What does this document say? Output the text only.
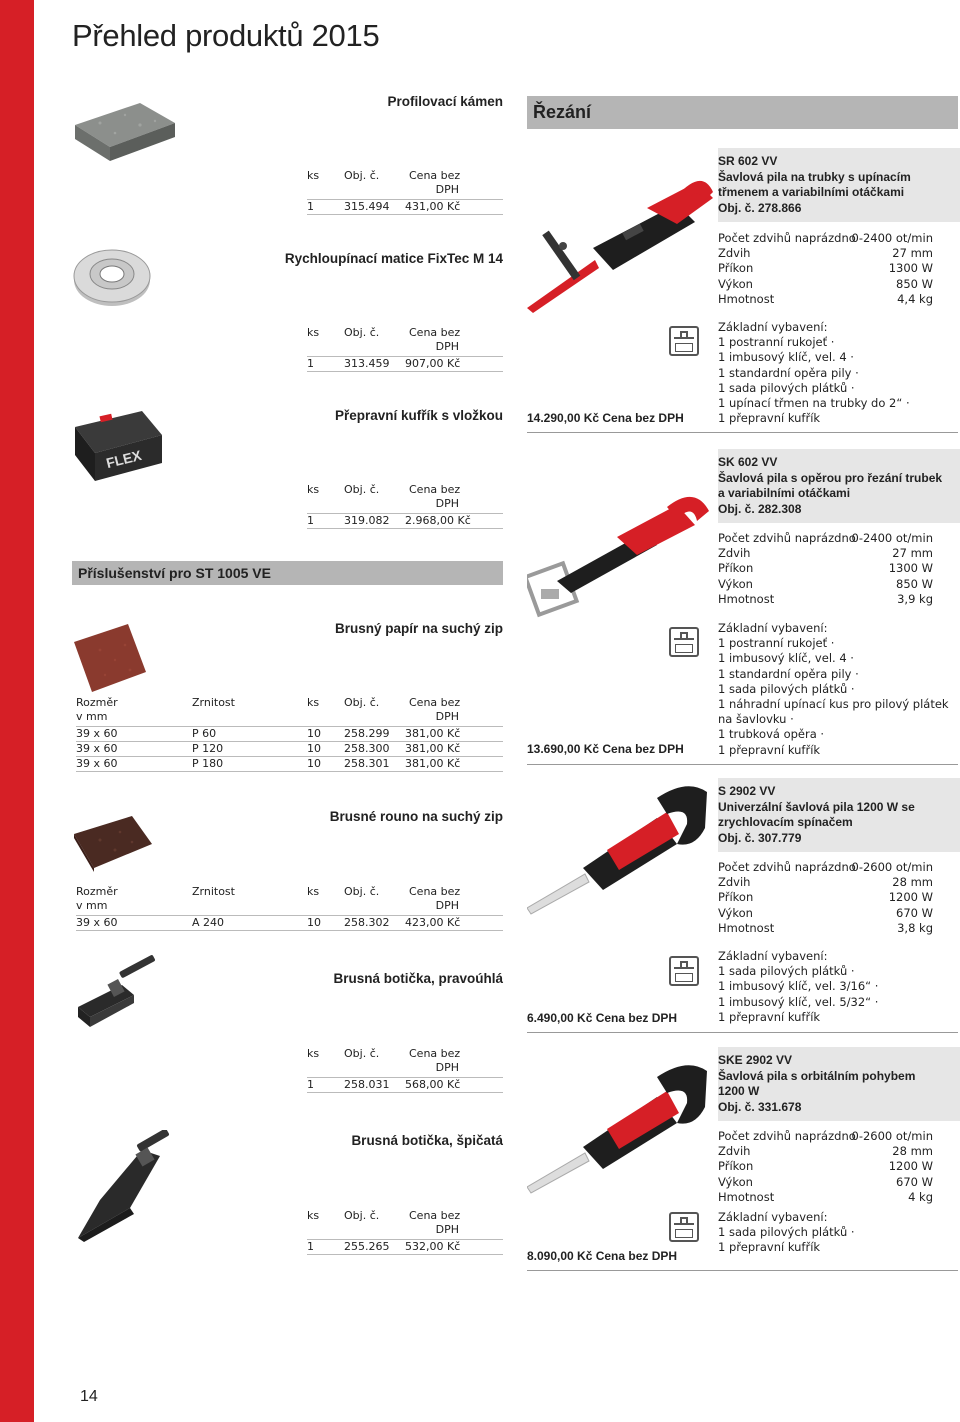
Přehled produktů 2015
14
Příslušenství pro ST 1005 VE
Řezání
Profilovací kámen
ks Obj. č.	Cena bez
DPH
1	315.494 431,00 Kč
Rychloupínací matice FixTec M 14
ks Obj. č.	Cena bez
DPH
1	313.459 907,00 Kč
FLEX
Přepravní kufřík s vložkou
ks Obj. č.	Cena bez
DPH
1	319.082 2.968,00 Kč
Brusný papír na suchý zip
Rozměr
v mm
Zrnitost	ks Obj. č.	Cena bez
DPH
39 x 60	P 60	10 258.299 381,00 Kč
39 x 60	P 120	10 258.300 381,00 Kč
39 x 60	P 180	10 258.301 381,00 Kč
Brusné rouno na suchý zip
Rozměr
v mm
Zrnitost	ks Obj. č.	Cena bez
DPH
39 x 60	A 240	10 258.302 423,00 Kč
Brusná botička, pravoúhlá
ks Obj. č.	Cena bez
DPH
1	258.031 568,00 Kč
Brusná botička, špičatá
ks Obj. č.	Cena bez
DPH
1	255.265 532,00 Kč
SR 602 VV
Šavlová pila na trubky s upínacím
třmenem a variabilními otáčkami
Obj. č. 278.866
Počet zdvihů naprázdno
0-2400 ot/min
Zdvih	27 mm
Příkon	1300 W
Výkon	850 W
Hmotnost	4,4 kg
Základní vybavení:
1 postranní rukojeť ·
1 imbusový klíč, vel. 4 ·
1 standardní opěra pily ·
1 sada pilových plátků ·
1 upínací třmen na trubky do 2“ ·
1 přepravní kufřík
14.290,00 Kč Cena bez DPH
SK 602 VV
Šavlová pila s opěrou pro řezání trubek
a variabilními otáčkami
Obj. č. 282.308
Počet zdvihů naprázdno
0-2400 ot/min
Zdvih	27 mm
Příkon	1300 W
Výkon	850 W
Hmotnost	3,9 kg
Základní vybavení:
1 postranní rukojeť ·
1 imbusový klíč, vel. 4 ·
1 standardní opěra pily ·
1 sada pilových plátků ·
1 náhradní upínací kus pro pilový plátek
na šavlovku ·
1 trubková opěra ·
1 přepravní kufřík
13.690,00 Kč Cena bez DPH
S 2902 VV
Univerzální šavlová pila 1200 W se
zrychlovacím spínačem
Obj. č. 307.779
Počet zdvihů naprázdno
0-2600 ot/min
Zdvih	28 mm
Příkon	1200 W
Výkon	670 W
Hmotnost	3,8 kg
Základní vybavení:
1 sada pilových plátků ·
1 imbusový klíč, vel. 3/16“ ·
1 imbusový klíč, vel. 5/32“ ·
1 přepravní kufřík
6.490,00 Kč Cena bez DPH
SKE 2902 VV
Šavlová pila s orbitálním pohybem
1200 W
Obj. č. 331.678
Počet zdvihů naprázdno
0-2600 ot/min
Zdvih	28 mm
Příkon	1200 W
Výkon	670 W
Hmotnost	4 kg
Základní vybavení:
1 sada pilových plátků ·
1 přepravní kufřík
8.090,00 Kč Cena bez DPH
